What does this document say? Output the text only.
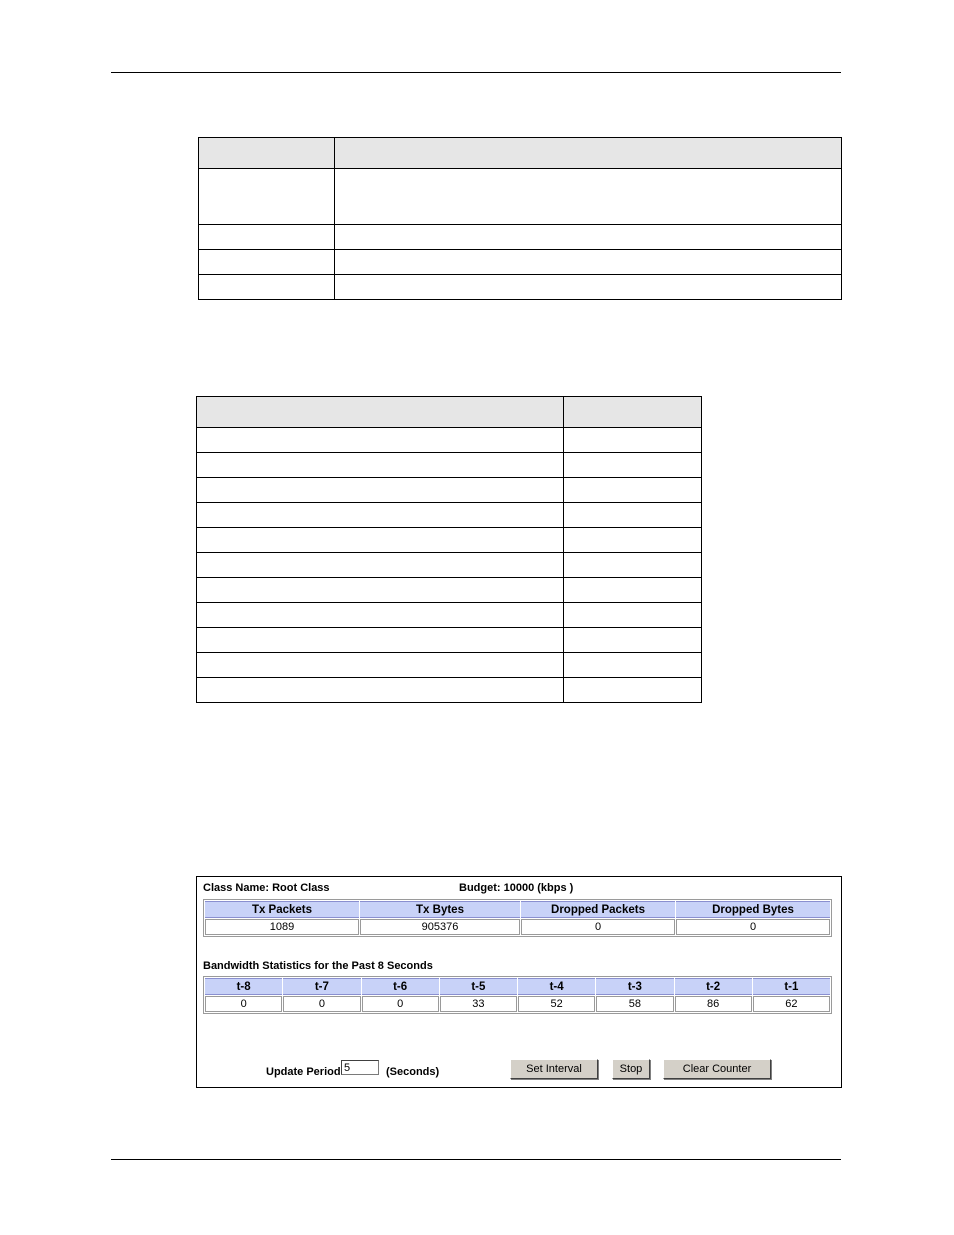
Class Name: Root Class	Budget: 10000 (kbps )
Tx Packets	Tx Bytes	Dropped Packets	Dropped Bytes
1089	905376	0	0
Bandwidth Statistics for the Past 8 Seconds
t-8	t-7	t-6	t-5	t-4	t-3	t-2	t-1
0	0	0	33	52	58	86	62
Update Period
5	(Seconds)	Set Interval	Stop	Clear Counter
